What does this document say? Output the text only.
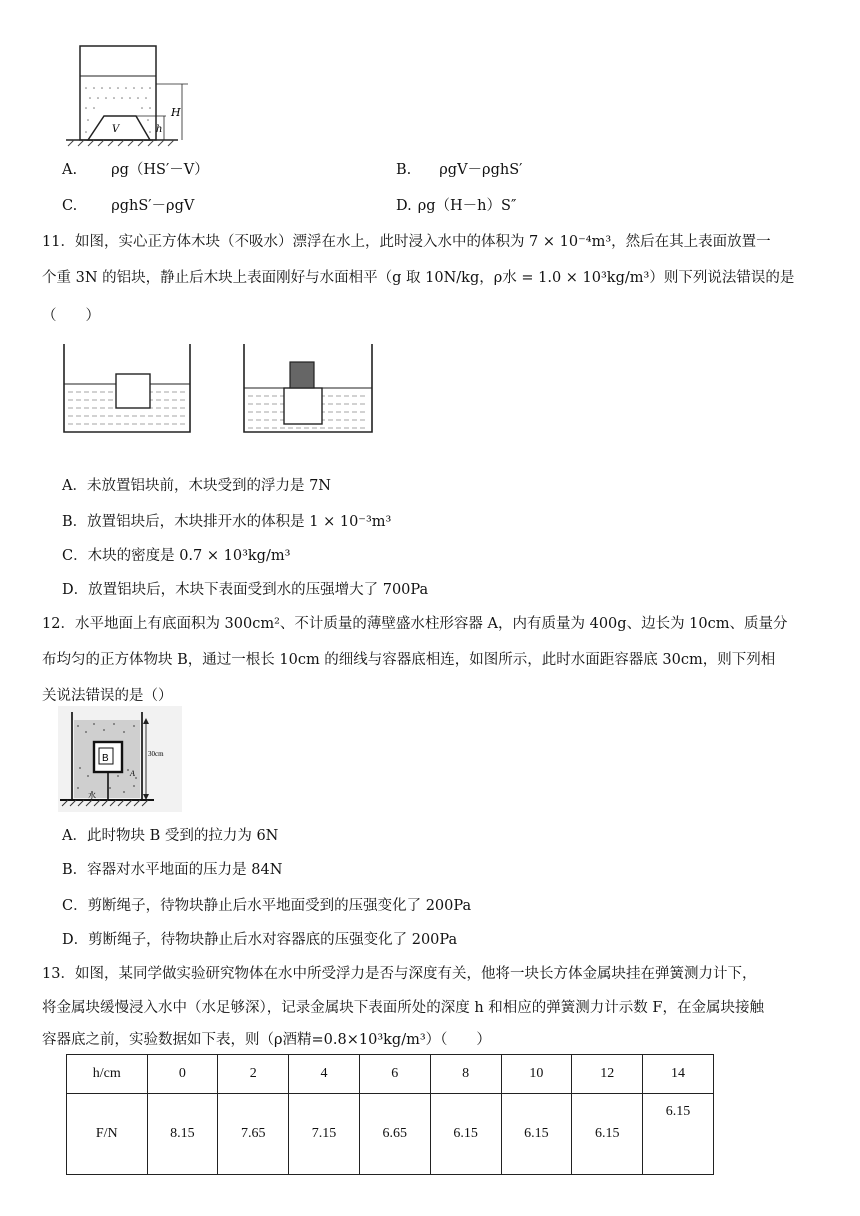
V
H
h
A. ρg（HS′－V）	B. ρgV－ρghS′
C. ρghS′－ρgV	D. ρg（H－h）S″
11．如图，实心正方体木块（不吸水）漂浮在水上，此时浸入水中的体积为 7 × 10⁻⁴m³，然后在其上表面放置一
个重 3N 的铝块，静止后木块上表面刚好与水面相平（g 取 10N/kg，ρ水 = 1.0 × 10³kg/m³）则下列说法错误的是
（　　）
A．未放置铝块前，木块受到的浮力是 7N
B．放置铝块后，木块排开水的体积是 1 × 10⁻³m³
C．木块的密度是 0.7 × 10³kg/m³
D．放置铝块后，木块下表面受到水的压强增大了 700Pa
12．水平地面上有底面积为 300cm²、不计质量的薄壁盛水柱形容器 A，内有质量为 400g、边长为 10cm、质量分
布均匀的正方体物块 B，通过一根长 10cm 的细线与容器底相连，如图所示，此时水面距容器底 30cm，则下列相
关说法错误的是（）
B
水
30cm
A
A．此时物块 B 受到的拉力为 6N
B．容器对水平地面的压力是 84N
C．剪断绳子，待物块静止后水平地面受到的压强变化了 200Pa
D．剪断绳子，待物块静止后水对容器底的压强变化了 200Pa
13．如图，某同学做实验研究物体在水中所受浮力是否与深度有关，他将一块长方体金属块挂在弹簧测力计下，
将金属块缓慢浸入水中（水足够深），记录金属块下表面所处的深度 h 和相应的弹簧测力计示数 F，在金属块接触
容器底之前，实验数据如下表，则（ρ酒精=0.8×10³kg/m³）（　　）
h/cm	0	2	4	6	8	10	12	14
F/N	8.15	7.65	7.15	6.65	6.15	6.15	6.15	6.15
